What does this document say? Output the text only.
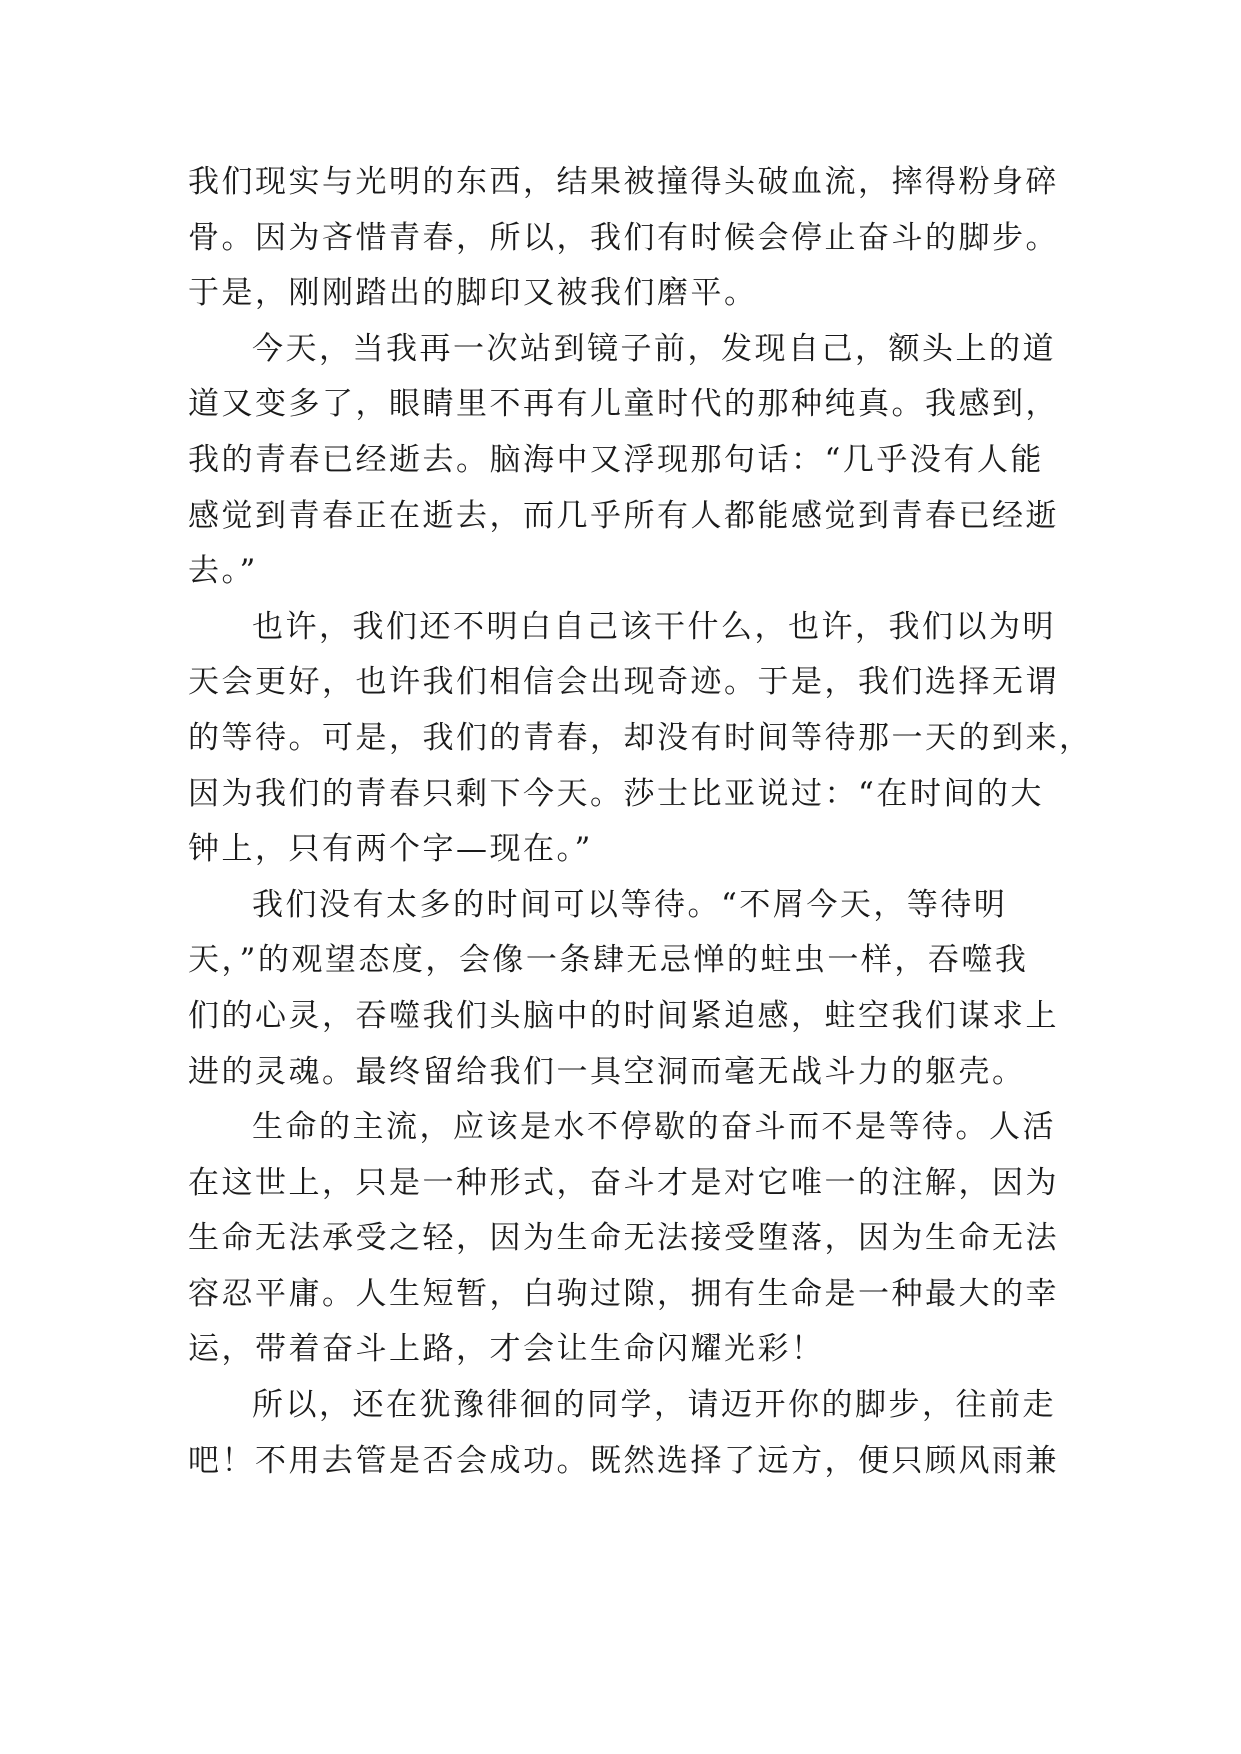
我们现实与光明的东西，结果被撞得头破血流，摔得粉身碎
骨。因为吝惜青春，所以，我们有时候会停止奋斗的脚步。
于是，刚刚踏出的脚印又被我们磨平。
今天，当我再一次站到镜子前，发现自己，额头上的道
道又变多了，眼睛里不再有儿童时代的那种纯真。我感到，
我的青春已经逝去。脑海中又浮现那句话：“几乎没有人能
感觉到青春正在逝去，而几乎所有人都能感觉到青春已经逝
去。”
也许，我们还不明白自己该干什么，也许，我们以为明
天会更好，也许我们相信会出现奇迹。于是，我们选择无谓
的等待。可是，我们的青春，却没有时间等待那一天的到来，
因为我们的青春只剩下今天。莎士比亚说过：“在时间的大
钟上，只有两个字—现在。”
我们没有太多的时间可以等待。“不屑今天，等待明
天，”的观望态度，会像一条肆无忌惮的蛀虫一样，吞噬我
们的心灵，吞噬我们头脑中的时间紧迫感，蛀空我们谋求上
进的灵魂。最终留给我们一具空洞而毫无战斗力的躯壳。
生命的主流，应该是水不停歇的奋斗而不是等待。人活
在这世上，只是一种形式，奋斗才是对它唯一的注解，因为
生命无法承受之轻，因为生命无法接受堕落，因为生命无法
容忍平庸。人生短暂，白驹过隙，拥有生命是一种最大的幸
运，带着奋斗上路，才会让生命闪耀光彩！
所以，还在犹豫徘徊的同学，请迈开你的脚步，往前走
吧！不用去管是否会成功。既然选择了远方，便只顾风雨兼
